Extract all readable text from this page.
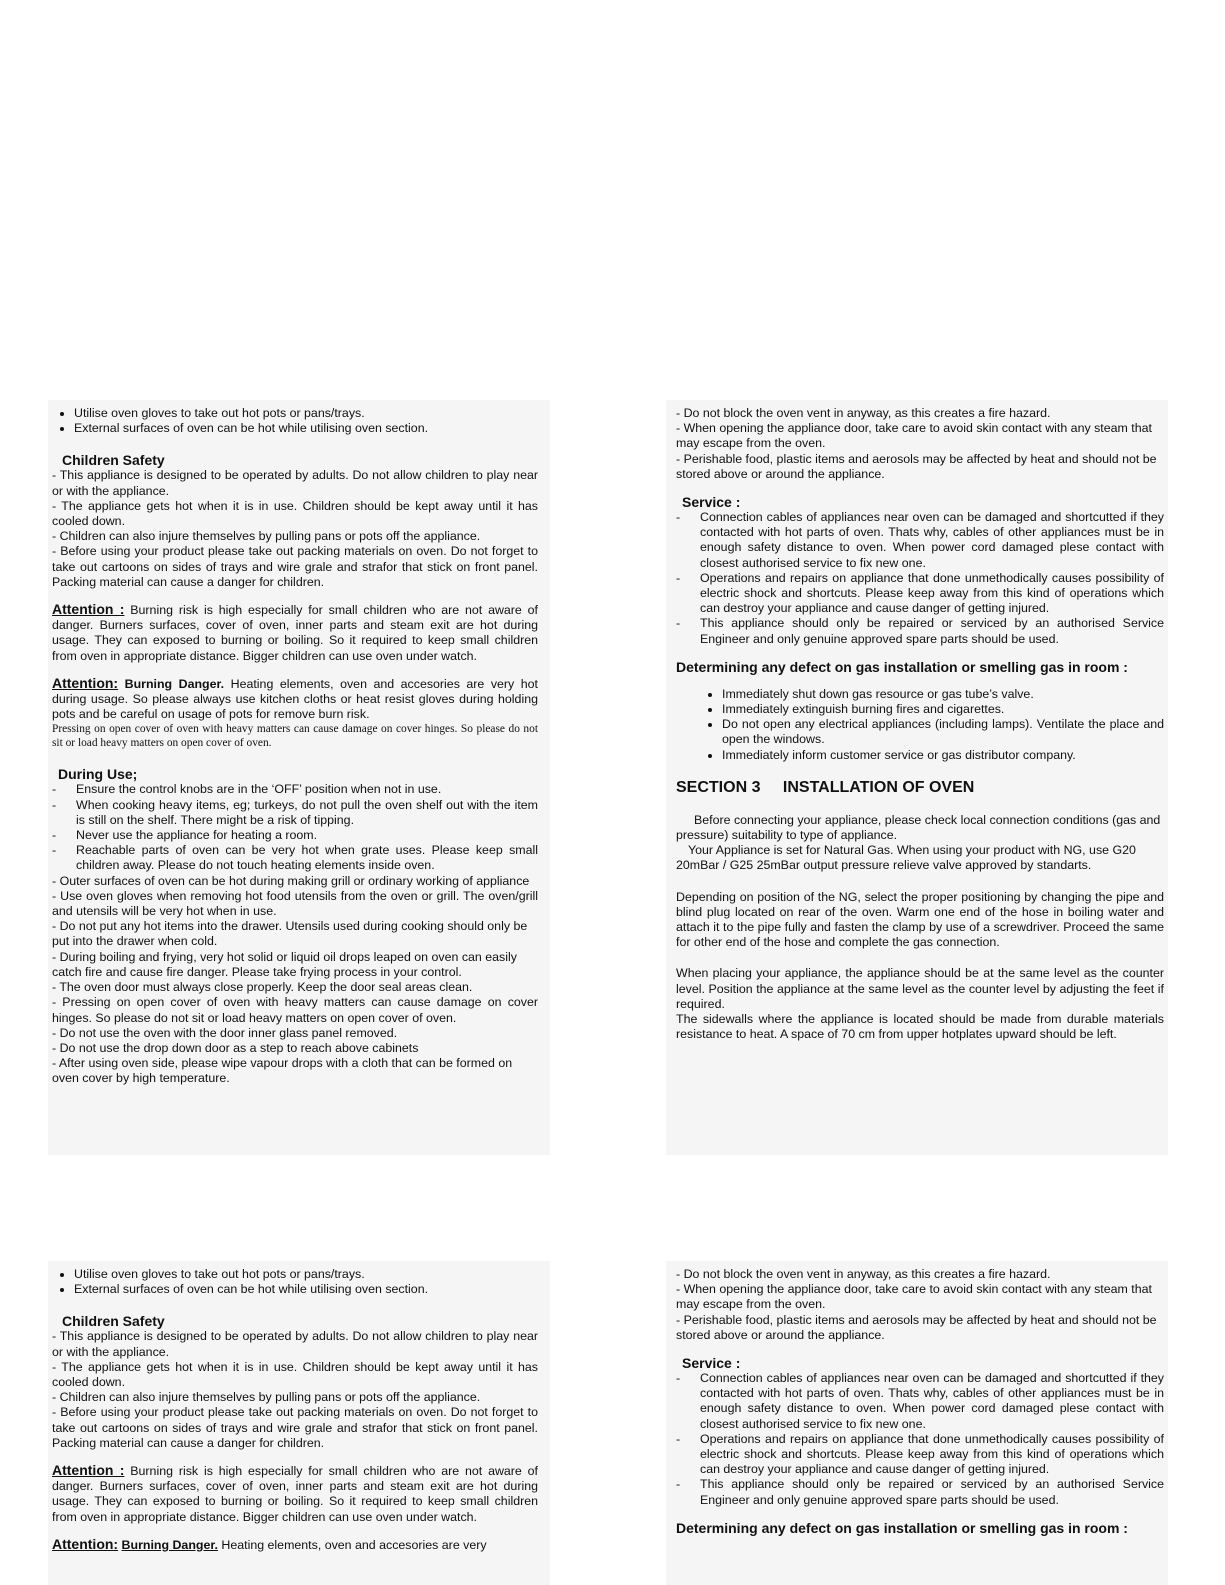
• Utilise oven gloves to take out hot pots or pans/trays.
• External surfaces of oven can be hot while utilising oven section.

Children Safety

- This appliance is designed to be operated by adults. Do not allow children to play near or with the appliance.

- The appliance gets hot when it is in use. Children should be kept away until it has cooled down.

- Children can also injure themselves by pulling pans or pots off the appliance.

- Before using your product please take out packing materials on oven. Do not forget to take out cartoons on sides of trays and wire grale and strafor that stick on front panel. Packing material can cause a danger for children.

Attention : Burning risk is high especially for small children who are not aware of danger. Burners surfaces, cover of oven, inner parts and steam exit are hot during usage. They can exposed to burning or boiling. So it required to keep small children from oven in appropriate distance. Bigger children can use oven under watch.

Attention: Burning Danger. Heating elements, oven and accesories are very hot during usage. So please always use kitchen cloths or heat resist gloves during holding pots and be careful on usage of pots for remove burn risk.

Pressing on open cover of oven with heavy matters can cause damage on cover hinges. So please do not sit or load heavy matters on open cover of oven.

During Use;

-	Ensure the control knobs are in the ‘OFF’ position when not in use.
-	When cooking heavy items, eg; turkeys, do not pull the oven shelf out with the item is still on the shelf. There might be a risk of tipping.
-	Never use the appliance for heating a room.
-	Reachable parts of oven can be very hot when grate uses. Please keep small children away. Please do not touch heating elements inside oven.

- Outer surfaces of oven can be hot during making grill or ordinary working of appliance

- Use oven gloves when removing hot food utensils from the oven or grill. The oven/grill and utensils will be very hot when in use.

- Do not put any hot items into the drawer. Utensils used during cooking should only be put into the drawer when cold.

- During boiling and frying, very hot solid or liquid oil drops leaped on oven can easily catch fire and cause fire danger. Please take frying process in your control.

- The oven door must always close properly. Keep the door seal areas clean.

- Pressing on open cover of oven with heavy matters can cause damage on cover hinges. So please do not sit or load heavy matters on open cover of oven.

- Do not use the oven with the door inner glass panel removed.

- Do not use the drop down door as a step to reach above cabinets

- After using oven side, please wipe vapour drops with a cloth that can be formed on oven cover by high temperature.

- Do not block the oven vent in anyway, as this creates a fire hazard.

- When opening the appliance door, take care to avoid skin contact with any steam that may escape from the oven.

- Perishable food, plastic items and aerosols may be affected by heat and should not be stored above or around the appliance.

Service :

-	Connection cables of appliances near oven can be damaged and shortcutted if they contacted with hot parts of oven. Thats why, cables of other appliances must be in enough safety distance to oven. When power cord damaged plese contact with closest authorised service to fix new one.
-	Operations and repairs on appliance that done unmethodically causes possibility of electric shock and shortcuts. Please keep away from this kind of operations which can destroy your appliance and cause danger of getting injured.
-	This appliance should only be repaired or serviced by an authorised Service Engineer and only genuine approved spare parts should be used.

Determining any defect on gas installation or smelling gas in room :

• Immediately shut down gas resource or gas tube’s valve.
• Immediately extinguish burning fires and cigarettes.
• Do not open any electrical appliances (including lamps). Ventilate the place and open the windows.
• Immediately inform customer service or gas distributor company.

SECTION 3 INSTALLATION OF OVEN

Before connecting your appliance, please check local connection conditions (gas and pressure) suitability to type of appliance.

Your Appliance is set for Natural Gas. When using your product with NG, use G20 20mBar / G25 25mBar output pressure relieve valve approved by standarts.

Depending on position of the NG, select the proper positioning by changing the pipe and blind plug located on rear of the oven. Warm one end of the hose in boiling water and attach it to the pipe fully and fasten the clamp by use of a screwdriver. Proceed the same for other end of the hose and complete the gas connection.

When placing your appliance, the appliance should be at the same level as the counter level. Position the appliance at the same level as the counter level by adjusting the feet if required.

The sidewalls where the appliance is located should be made from durable materials resistance to heat. A space of 70 cm from upper hotplates upward should be left.

• Utilise oven gloves to take out hot pots or pans/trays.
• External surfaces of oven can be hot while utilising oven section.

Children Safety

- This appliance is designed to be operated by adults. Do not allow children to play near or with the appliance.

- The appliance gets hot when it is in use. Children should be kept away until it has cooled down.

- Children can also injure themselves by pulling pans or pots off the appliance.

- Before using your product please take out packing materials on oven. Do not forget to take out cartoons on sides of trays and wire grale and strafor that stick on front panel. Packing material can cause a danger for children.

Attention : Burning risk is high especially for small children who are not aware of danger. Burners surfaces, cover of oven, inner parts and steam exit are hot during usage. They can exposed to burning or boiling. So it required to keep small children from oven in appropriate distance. Bigger children can use oven under watch.

Attention: Burning Danger. Heating elements, oven and accesories are very

- Do not block the oven vent in anyway, as this creates a fire hazard.

- When opening the appliance door, take care to avoid skin contact with any steam that may escape from the oven.

- Perishable food, plastic items and aerosols may be affected by heat and should not be stored above or around the appliance.

Service :

-	Connection cables of appliances near oven can be damaged and shortcutted if they contacted with hot parts of oven. Thats why, cables of other appliances must be in enough safety distance to oven. When power cord damaged plese contact with closest authorised service to fix new one.
-	Operations and repairs on appliance that done unmethodically causes possibility of electric shock and shortcuts. Please keep away from this kind of operations which can destroy your appliance and cause danger of getting injured.
-	This appliance should only be repaired or serviced by an authorised Service Engineer and only genuine approved spare parts should be used.

Determining any defect on gas installation or smelling gas in room :
